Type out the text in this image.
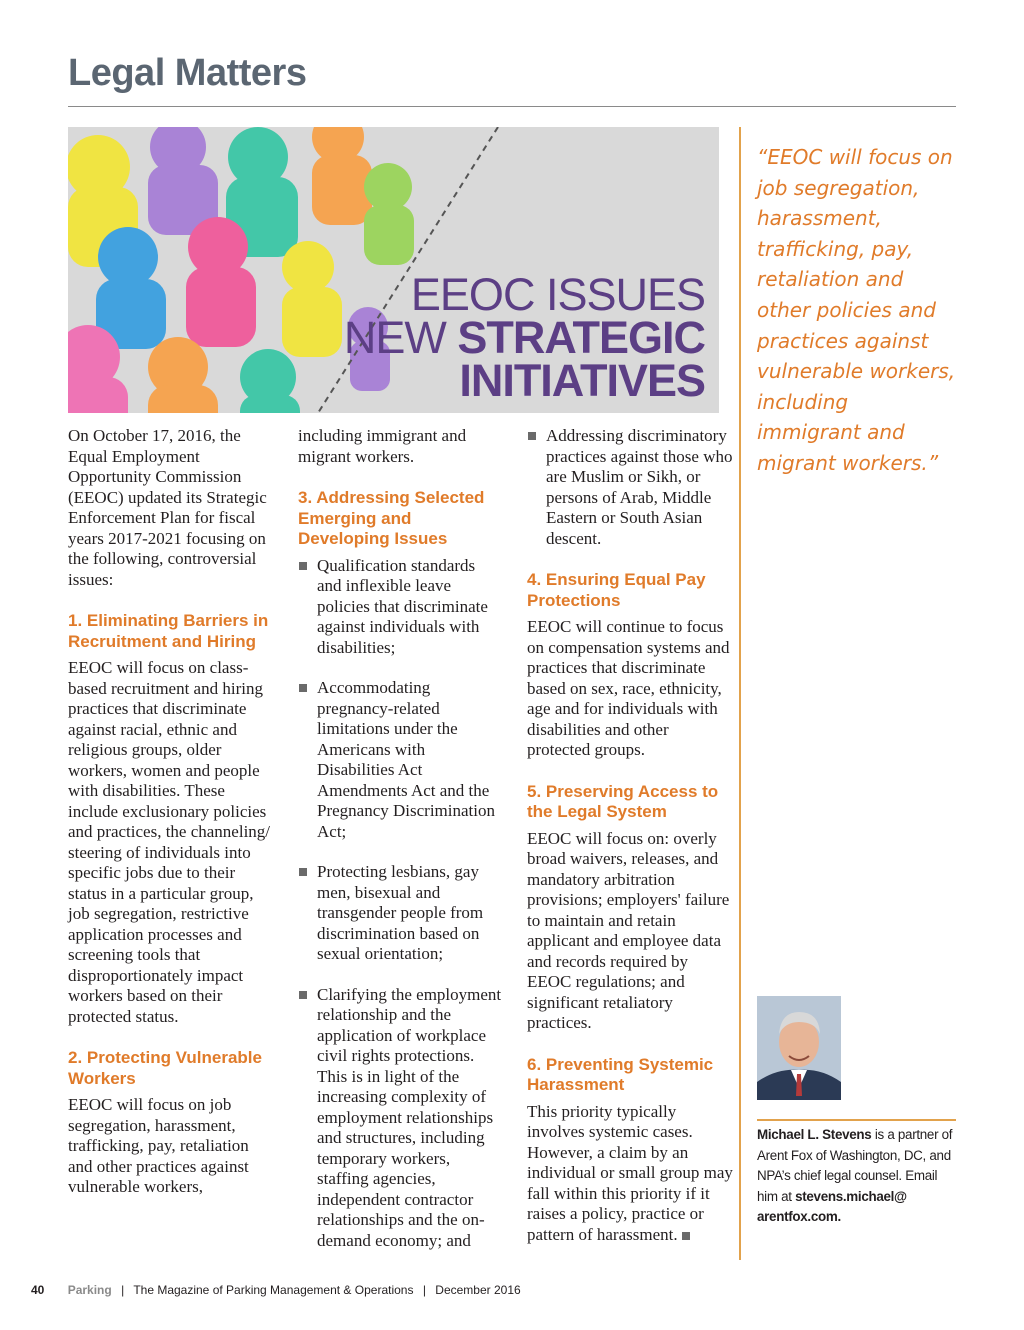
Legal Matters
EEOC ISSUES
NEW STRATEGIC
INITIATIVES

On October 17, 2016, the Equal Employment Opportunity Commission (EEOC) updated its Strategic Enforcement Plan for fiscal years 2017-2021 focusing on the following, controversial issues:

1. Eliminating Barriers in Recruitment and Hiring

EEOC will focus on class-based recruitment and hiring practices that discriminate against racial, ethnic and religious groups, older workers, women and people with disabilities. These include exclusionary policies and practices, the channeling/ steering of individuals into specific jobs due to their status in a particular group, job segregation, restrictive application processes and screening tools that disproportionately impact workers based on their protected status.

2. Protecting Vulnerable Workers

EEOC will focus on job segregation, harassment, trafficking, pay, retaliation and other practices against vulnerable workers,

including immigrant and migrant workers.

3. Addressing Selected Emerging and Developing Issues
Qualification standards and inflexible leave policies that discriminate against individuals with disabilities;
Accommodating pregnancy-related limitations under the Americans with Disabilities Act Amendments Act and the Pregnancy Discrimination Act;
Protecting lesbians, gay men, bisexual and transgender people from discrimination based on sexual orientation;
Clarifying the employment relationship and the application of workplace civil rights protections. This is in light of the increasing complexity of employment relationships and structures, including temporary workers, staffing agencies, independent contractor relationships and the on-demand economy; and
Addressing discriminatory practices against those who are Muslim or Sikh, or persons of Arab, Middle Eastern or South Asian descent.
4. Ensuring Equal Pay Protections

EEOC will continue to focus on compensation systems and practices that discriminate based on sex, race, ethnicity, age and for individuals with disabilities and other protected groups.

5. Preserving Access to the Legal System

EEOC will focus on: overly broad waivers, releases, and mandatory arbitration provisions; employers' failure to maintain and retain applicant and employee data and records required by EEOC regulations; and significant retaliatory practices.

6. Preventing Systemic Harassment

This priority typically involves systemic cases. However, a claim by an individual or small group may fall within this priority if it raises a policy, practice or pattern of harassment.

“EEOC will focus on job segregation, harassment, trafficking, pay, retaliation and other policies and practices against vulnerable workers, including immigrant and migrant workers.”

Michael L. Stevens is a partner of Arent Fox of Washington, DC, and NPA’s chief legal counsel. Email him at stevens.michael@ arentfox.com.
40 Parking | The Magazine of Parking Management & Operations | December 2016
